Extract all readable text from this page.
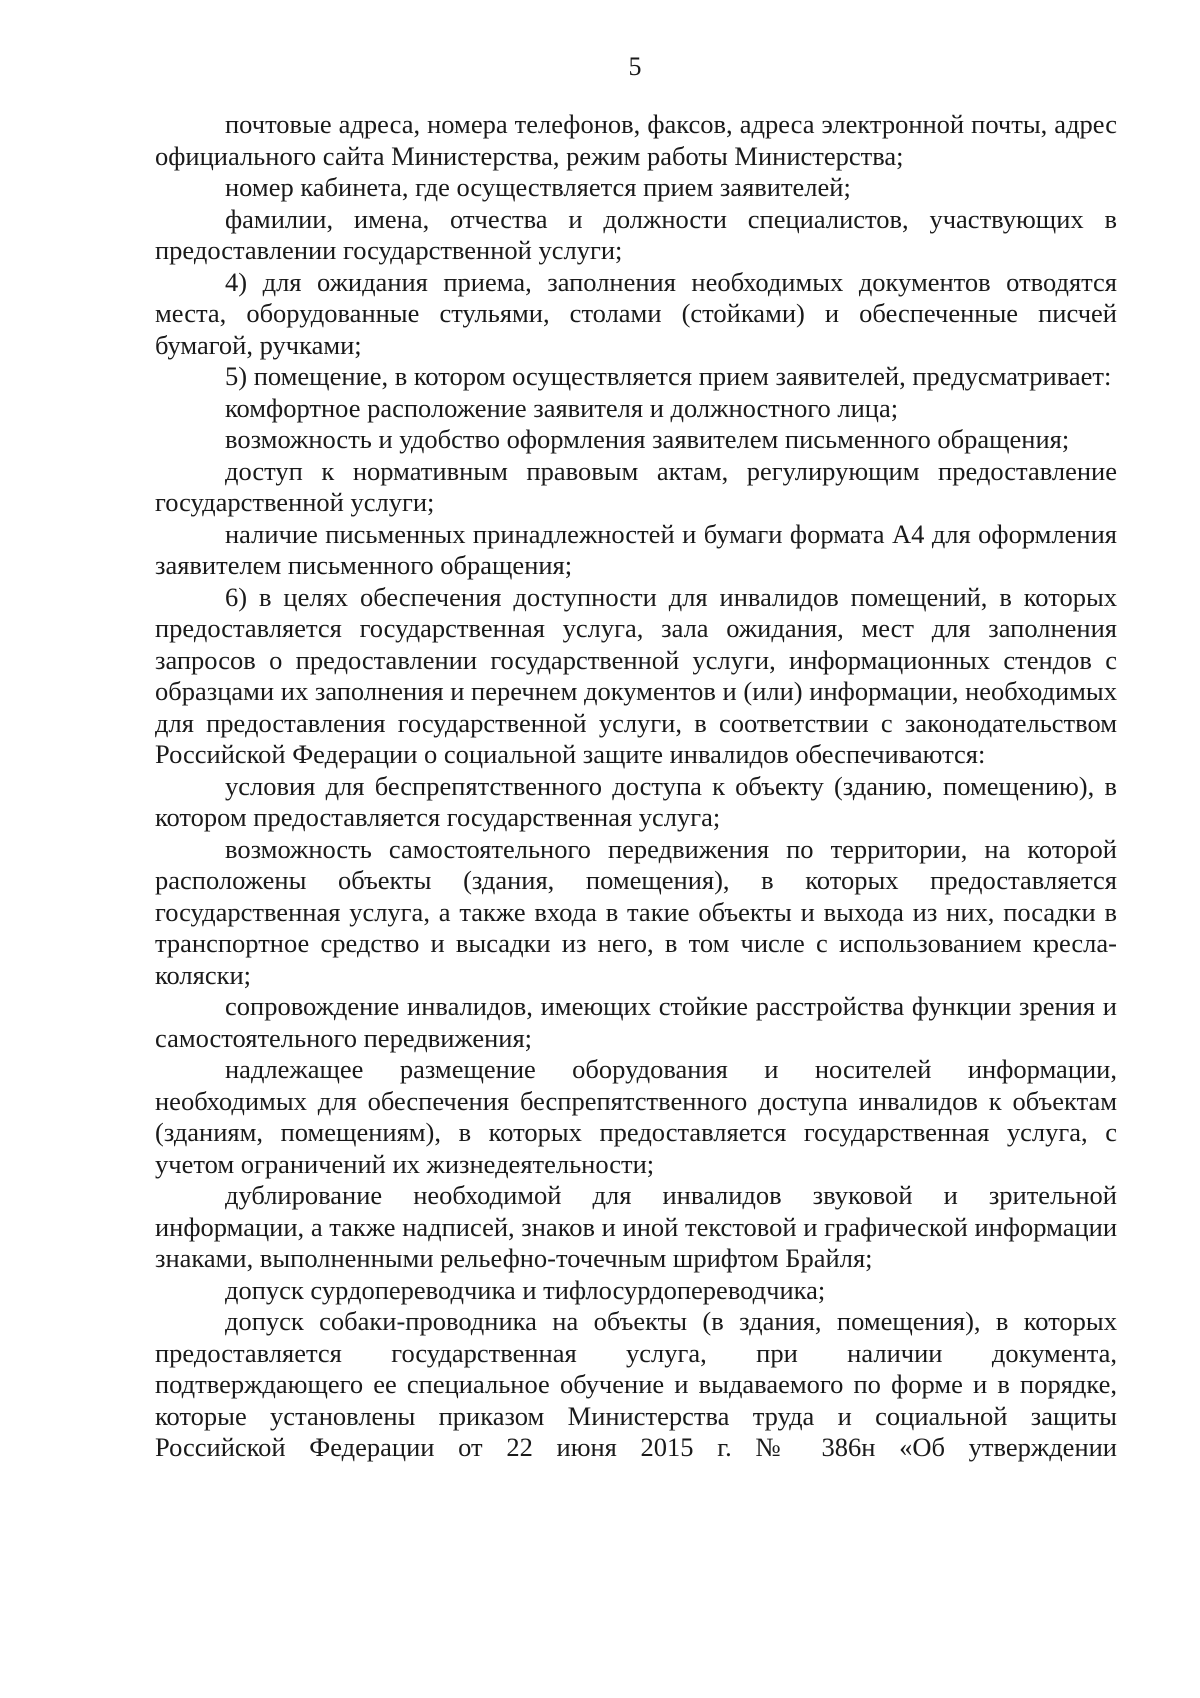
5

почтовые адреса, номера телефонов, факсов, адреса электронной почты, адрес официального сайта Министерства, режим работы Министерства;

номер кабинета, где осуществляется прием заявителей;

фамилии, имена, отчества и должности специалистов, участвующих в предоставлении государственной услуги;

4) для ожидания приема, заполнения необходимых документов отводятся места, оборудованные стульями, столами (стойками) и обеспеченные писчей бумагой, ручками;

5) помещение, в котором осуществляется прием заявителей, предусматривает:

комфортное расположение заявителя и должностного лица;

возможность и удобство оформления заявителем письменного обращения;

доступ к нормативным правовым актам, регулирующим предоставление государственной услуги;

наличие письменных принадлежностей и бумаги формата А4 для оформления заявителем письменного обращения;

6) в целях обеспечения доступности для инвалидов помещений, в которых предоставляется государственная услуга, зала ожидания, мест для заполнения запросов о предоставлении государственной услуги, информационных стендов с образцами их заполнения и перечнем документов и (или) информации, необходимых для предоставления государственной услуги, в соответствии с законодательством Российской Федерации о социальной защите инвалидов обеспечиваются:

условия для беспрепятственного доступа к объекту (зданию, помещению), в котором предоставляется государственная услуга;

возможность самостоятельного передвижения по территории, на которой расположены объекты (здания, помещения), в которых предоставляется государственная услуга, а также входа в такие объекты и выхода из них, посадки в транспортное средство и высадки из него, в том числе с использованием кресла-коляски;

сопровождение инвалидов, имеющих стойкие расстройства функции зрения и самостоятельного передвижения;

надлежащее размещение оборудования и носителей информации, необходимых для обеспечения беспрепятственного доступа инвалидов к объектам (зданиям, помещениям), в которых предоставляется государственная услуга, с учетом ограничений их жизнедеятельности;

дублирование необходимой для инвалидов звуковой и зрительной информации, а также надписей, знаков и иной текстовой и графической информации знаками, выполненными рельефно-точечным шрифтом Брайля;

допуск сурдопереводчика и тифлосурдопереводчика;

допуск собаки-проводника на объекты (в здания, помещения), в которых предоставляется государственная услуга, при наличии документа, подтверждающего ее специальное обучение и выдаваемого по форме и в порядке, которые установлены приказом Министерства труда и социальной защиты Российской Федерации от 22 июня 2015 г. № 386н «Об утверждении
